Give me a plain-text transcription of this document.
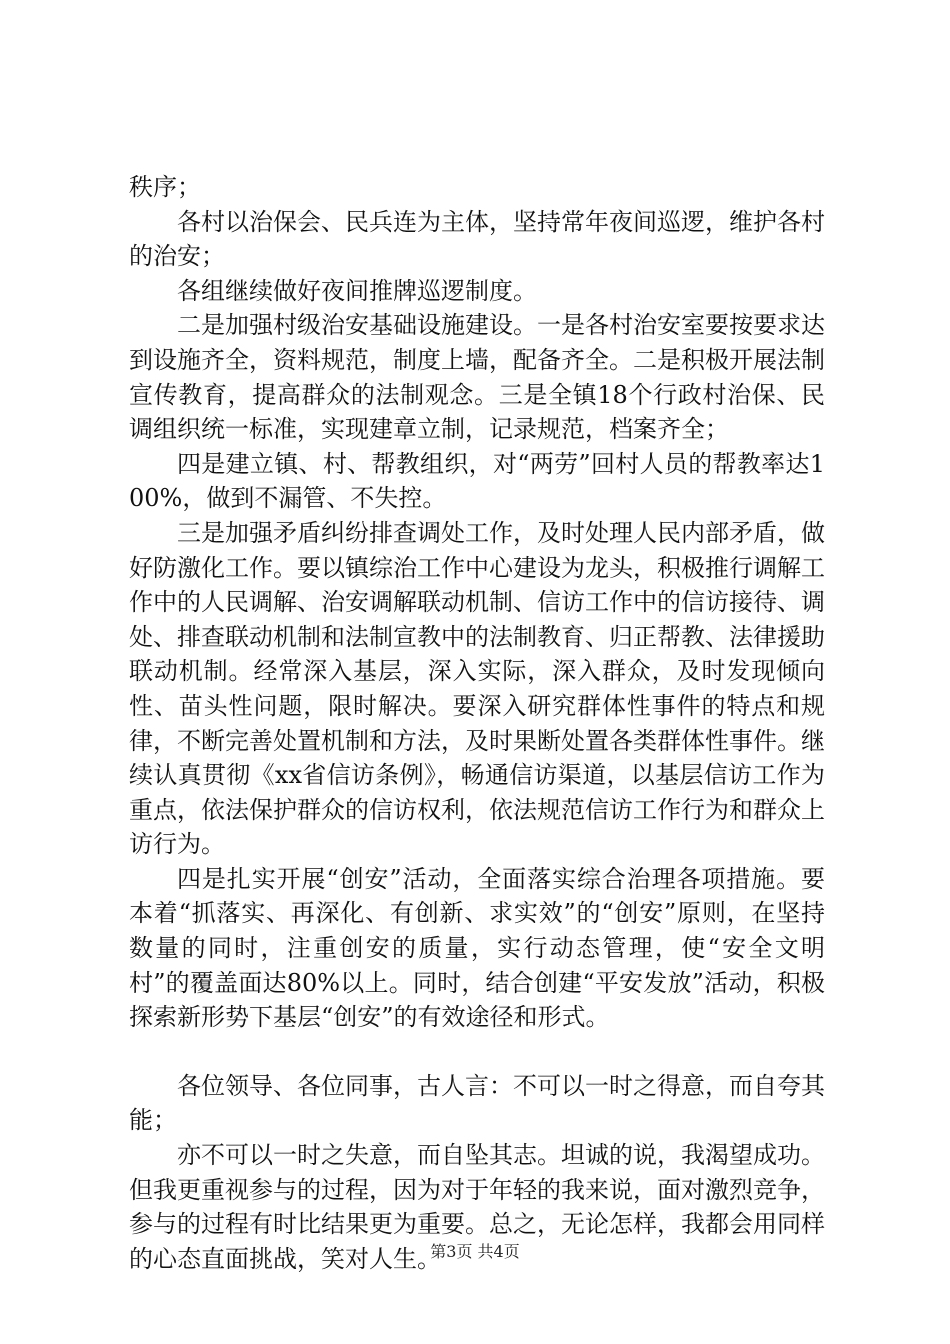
秩序；

各村以治保会、民兵连为主体，坚持常年夜间巡逻，维护各村的治安；

各组继续做好夜间推牌巡逻制度。

二是加强村级治安基础设施建设。一是各村治安室要按要求达到设施齐全，资料规范，制度上墙，配备齐全。二是积极开展法制宣传教育，提高群众的法制观念。三是全镇18个行政村治保、民调组织统一标准，实现建章立制，记录规范，档案齐全；

四是建立镇、村、帮教组织，对“两劳”回村人员的帮教率达100%，做到不漏管、不失控。

三是加强矛盾纠纷排查调处工作，及时处理人民内部矛盾，做好防激化工作。要以镇综治工作中心建设为龙头，积极推行调解工作中的人民调解、治安调解联动机制、信访工作中的信访接待、调处、排查联动机制和法制宣教中的法制教育、归正帮教、法律援助联动机制。经常深入基层，深入实际，深入群众，及时发现倾向性、苗头性问题，限时解决。要深入研究群体性事件的特点和规律，不断完善处置机制和方法，及时果断处置各类群体性事件。继续认真贯彻《xx省信访条例》，畅通信访渠道，以基层信访工作为重点，依法保护群众的信访权利，依法规范信访工作行为和群众上访行为。

四是扎实开展“创安”活动，全面落实综合治理各项措施。要本着“抓落实、再深化、有创新、求实效”的“创安”原则，在坚持数量的同时，注重创安的质量，实行动态管理，使“安全文明村”的覆盖面达80%以上。同时，结合创建“平安发放”活动，积极探索新形势下基层“创安”的有效途径和形式。

各位领导、各位同事，古人言：不可以一时之得意，而自夸其能；

亦不可以一时之失意，而自坠其志。坦诚的说，我渴望成功。但我更重视参与的过程，因为对于年轻的我来说，面对激烈竞争，参与的过程有时比结果更为重要。总之，无论怎样，我都会用同样的心态直面挑战，笑对人生。

第3页 共4页
